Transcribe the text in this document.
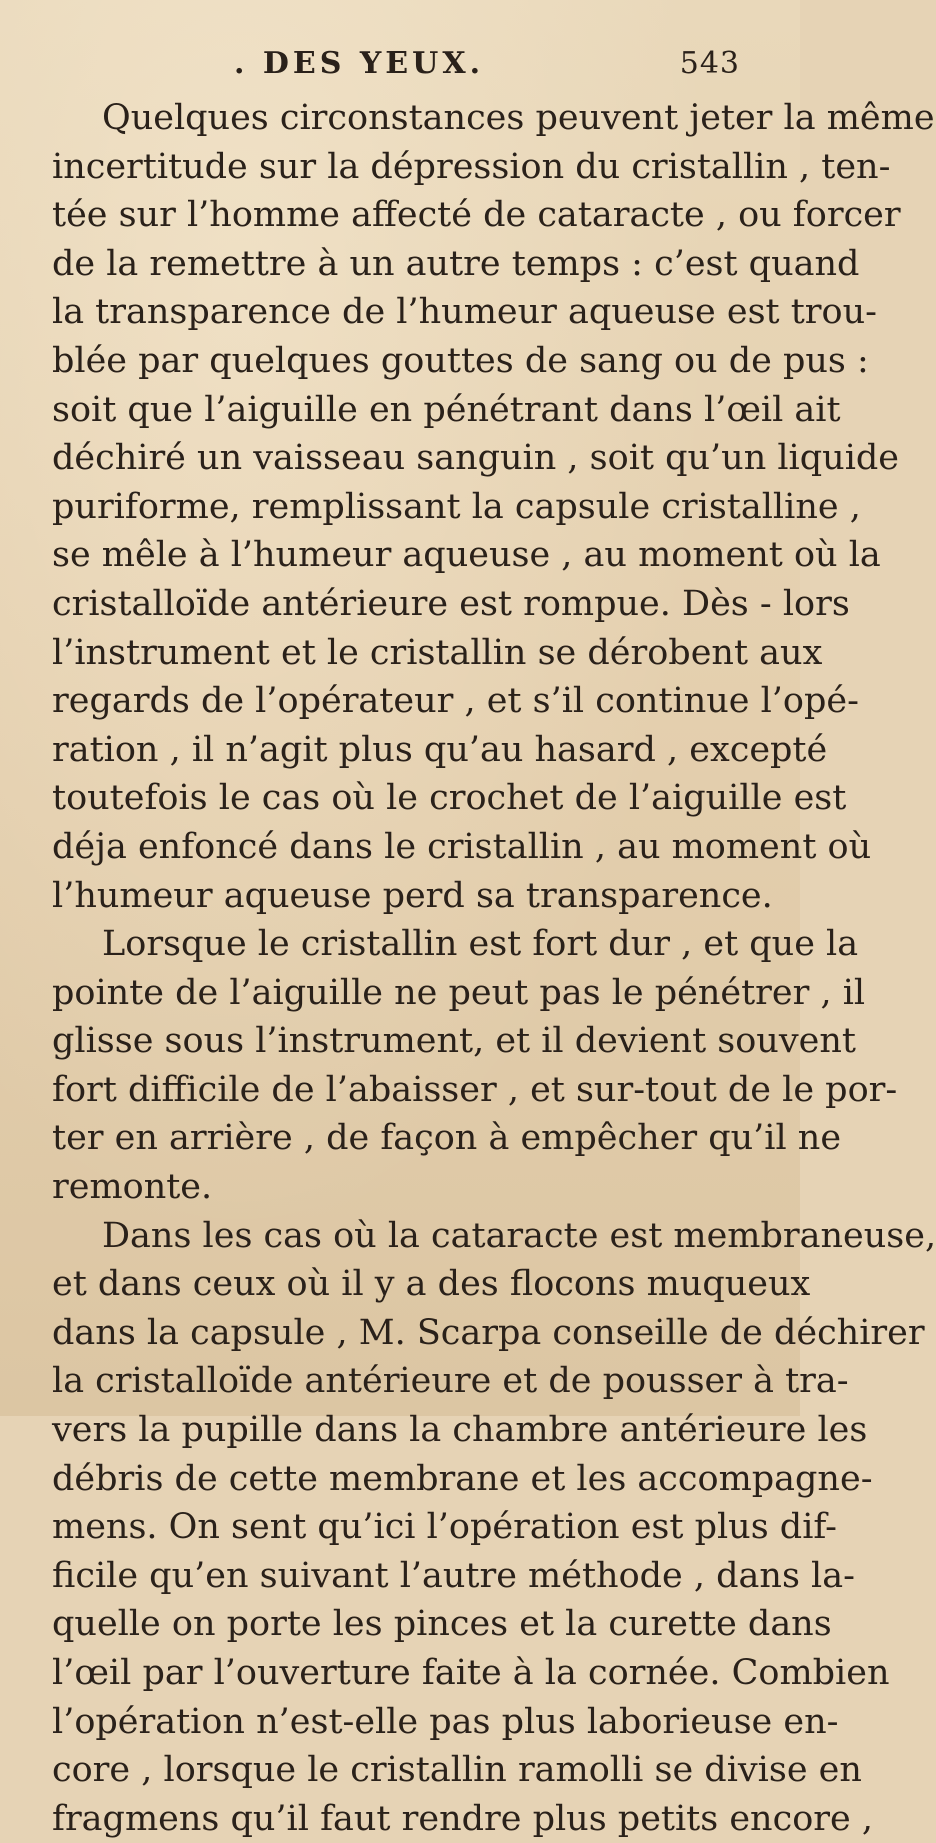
. DES YEUX.	543
Quelques circonstances peuvent jeter la même
incertitude sur la dépression du cristallin , ten-
tée sur l’homme affecté de cataracte , ou forcer
de la remettre à un autre temps : c’est quand
la transparence de l’humeur aqueuse est trou-
blée par quelques gouttes de sang ou de pus :
soit que l’aiguille en pénétrant dans l’œil ait
déchiré un vaisseau sanguin , soit qu’un liquide
puriforme, remplissant la capsule cristalline ,
se mêle à l’humeur aqueuse , au moment où la
cristalloïde antérieure est rompue. Dès - lors
l’instrument et le cristallin se dérobent aux
regards de l’opérateur , et s’il continue l’opé-
ration , il n’agit plus qu’au hasard , excepté
toutefois le cas où le crochet de l’aiguille est
déja enfoncé dans le cristallin , au moment où
l’humeur aqueuse perd sa transparence.
Lorsque le cristallin est fort dur , et que la
pointe de l’aiguille ne peut pas le pénétrer , il
glisse sous l’instrument, et il devient souvent
fort difficile de l’abaisser , et sur-tout de le por-
ter en arrière , de façon à empêcher qu’il ne
remonte.
Dans les cas où la cataracte est membraneuse,
et dans ceux où il y a des flocons muqueux
dans la capsule , M. Scarpa conseille de déchirer
la cristalloïde antérieure et de pousser à tra-
vers la pupille dans la chambre antérieure les
débris de cette membrane et les accompagne-
mens. On sent qu’ici l’opération est plus dif-
ficile qu’en suivant l’autre méthode , dans la-
quelle on porte les pinces et la curette dans
l’œil par l’ouverture faite à la cornée. Combien
l’opération n’est-elle pas plus laborieuse en-
core , lorsque le cristallin ramolli se divise en
fragmens qu’il faut rendre plus petits encore ,
